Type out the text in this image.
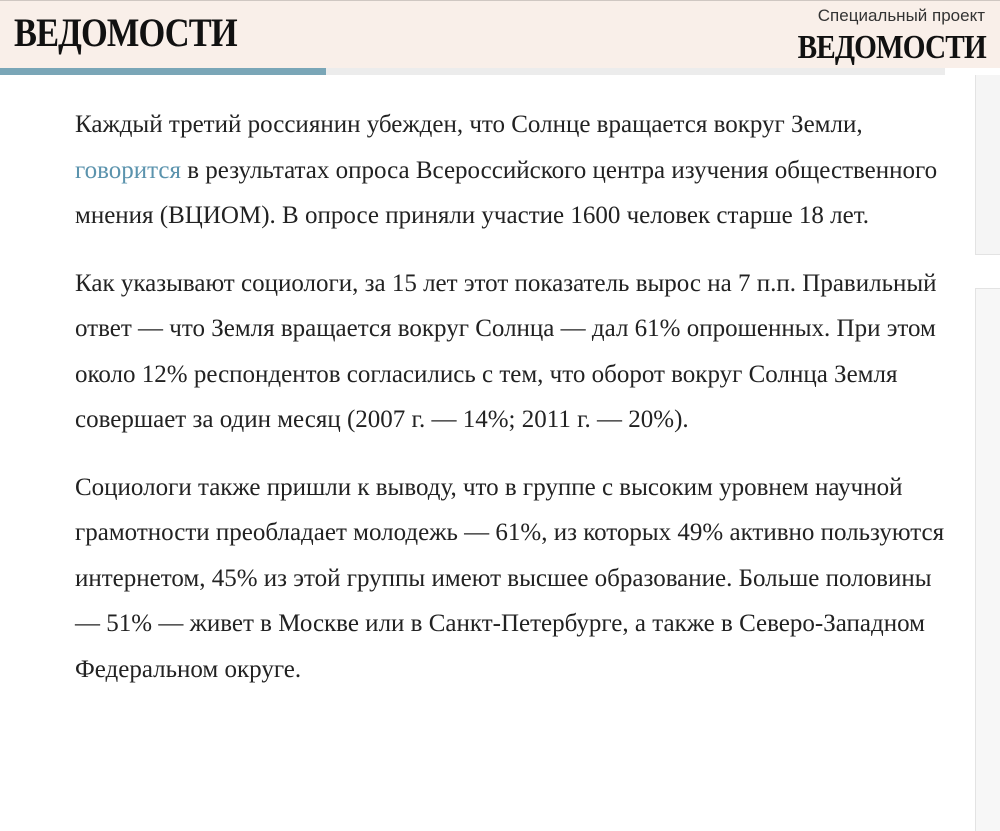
ВЕДОМОСТИ	Специальный проект
ВЕДОМОСТИ

Каждый третий россиянин убежден, что Солнце вращается вокруг Земли, говорится в результатах опроса Всероссийского центра изучения общественного мнения (ВЦИОМ). В опросе приняли участие 1600 человек старше 18 лет.

Как указывают социологи, за 15 лет этот показатель вырос на 7 п.п. Правильный ответ — что Земля вращается вокруг Солнца — дал 61% опрошенных. При этом около 12% респондентов согласились с тем, что оборот вокруг Солнца Земля совершает за один месяц (2007 г. — 14%; 2011 г. — 20%).

Социологи также пришли к выводу, что в группе с высоким уровнем научной грамотности преобладает молодежь — 61%, из которых 49% активно пользуются интернетом, 45% из этой группы имеют высшее образование. Больше половины — 51% — живет в Москве или в Санкт-Петербурге, а также в Северо-Западном Федеральном округе.
